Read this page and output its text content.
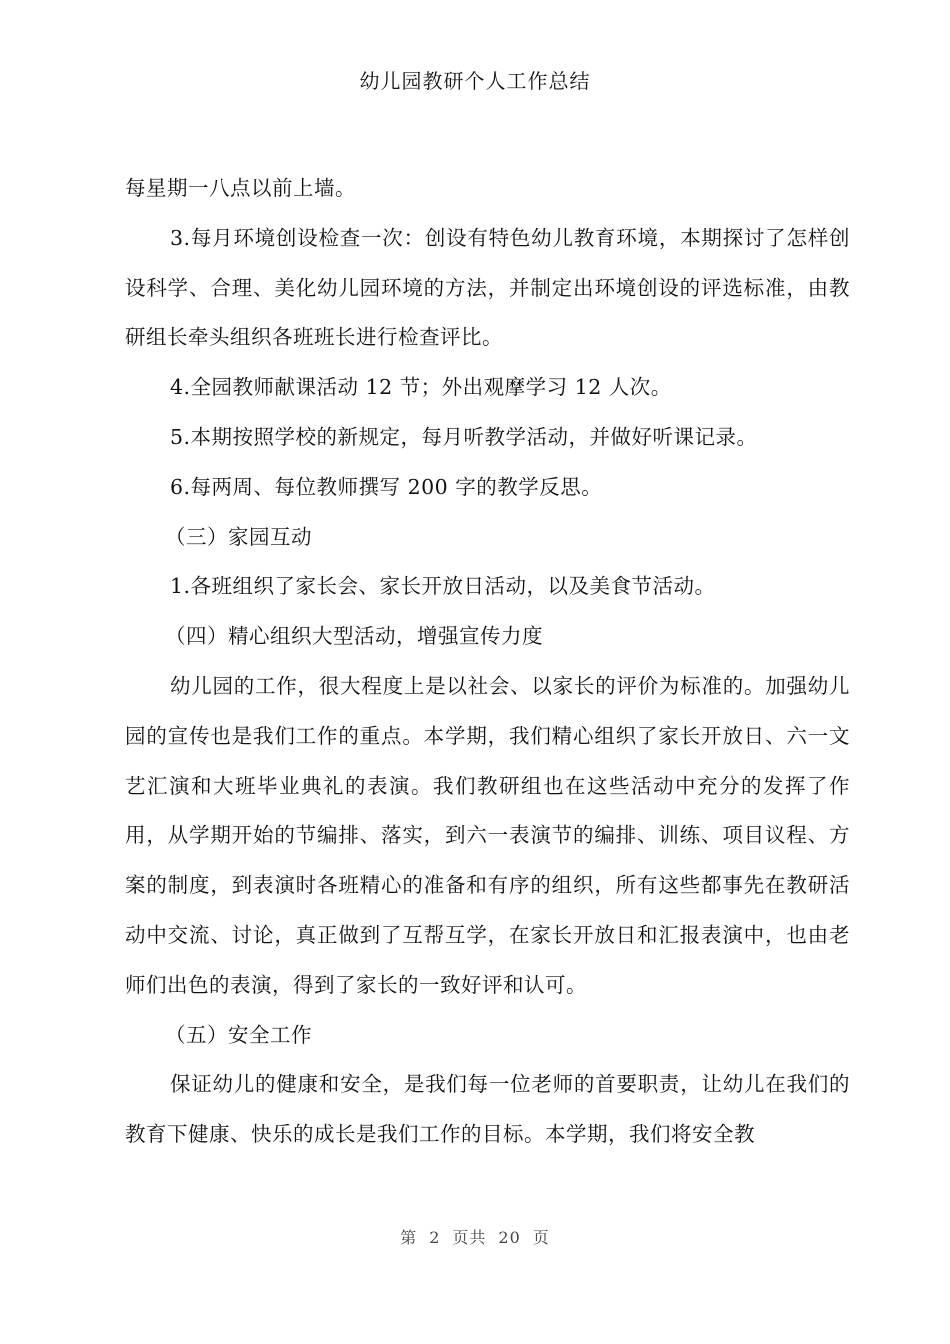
幼儿园教研个人工作总结

每星期一八点以前上墙。

3.每月环境创设检查一次：创设有特色幼儿教育环境，本期探讨了怎样创设科学、合理、美化幼儿园环境的方法，并制定出环境创设的评选标准，由教研组长牵头组织各班班长进行检查评比。

4.全园教师献课活动 12 节；外出观摩学习 12 人次。

5.本期按照学校的新规定，每月听教学活动，并做好听课记录。

6.每两周、每位教师撰写 200 字的教学反思。

（三）家园互动

1.各班组织了家长会、家长开放日活动，以及美食节活动。

（四）精心组织大型活动，增强宣传力度

幼儿园的工作，很大程度上是以社会、以家长的评价为标准的。加强幼儿园的宣传也是我们工作的重点。本学期，我们精心组织了家长开放日、六一文艺汇演和大班毕业典礼的表演。我们教研组也在这些活动中充分的发挥了作用，从学期开始的节编排、落实，到六一表演节的编排、训练、项目议程、方案的制度，到表演时各班精心的准备和有序的组织，所有这些都事先在教研活动中交流、讨论，真正做到了互帮互学，在家长开放日和汇报表演中，也由老师们出色的表演，得到了家长的一致好评和认可。

（五）安全工作

保证幼儿的健康和安全，是我们每一位老师的首要职责，让幼儿在我们的教育下健康、快乐的成长是我们工作的目标。本学期，我们将安全教

第 2 页共 20 页
